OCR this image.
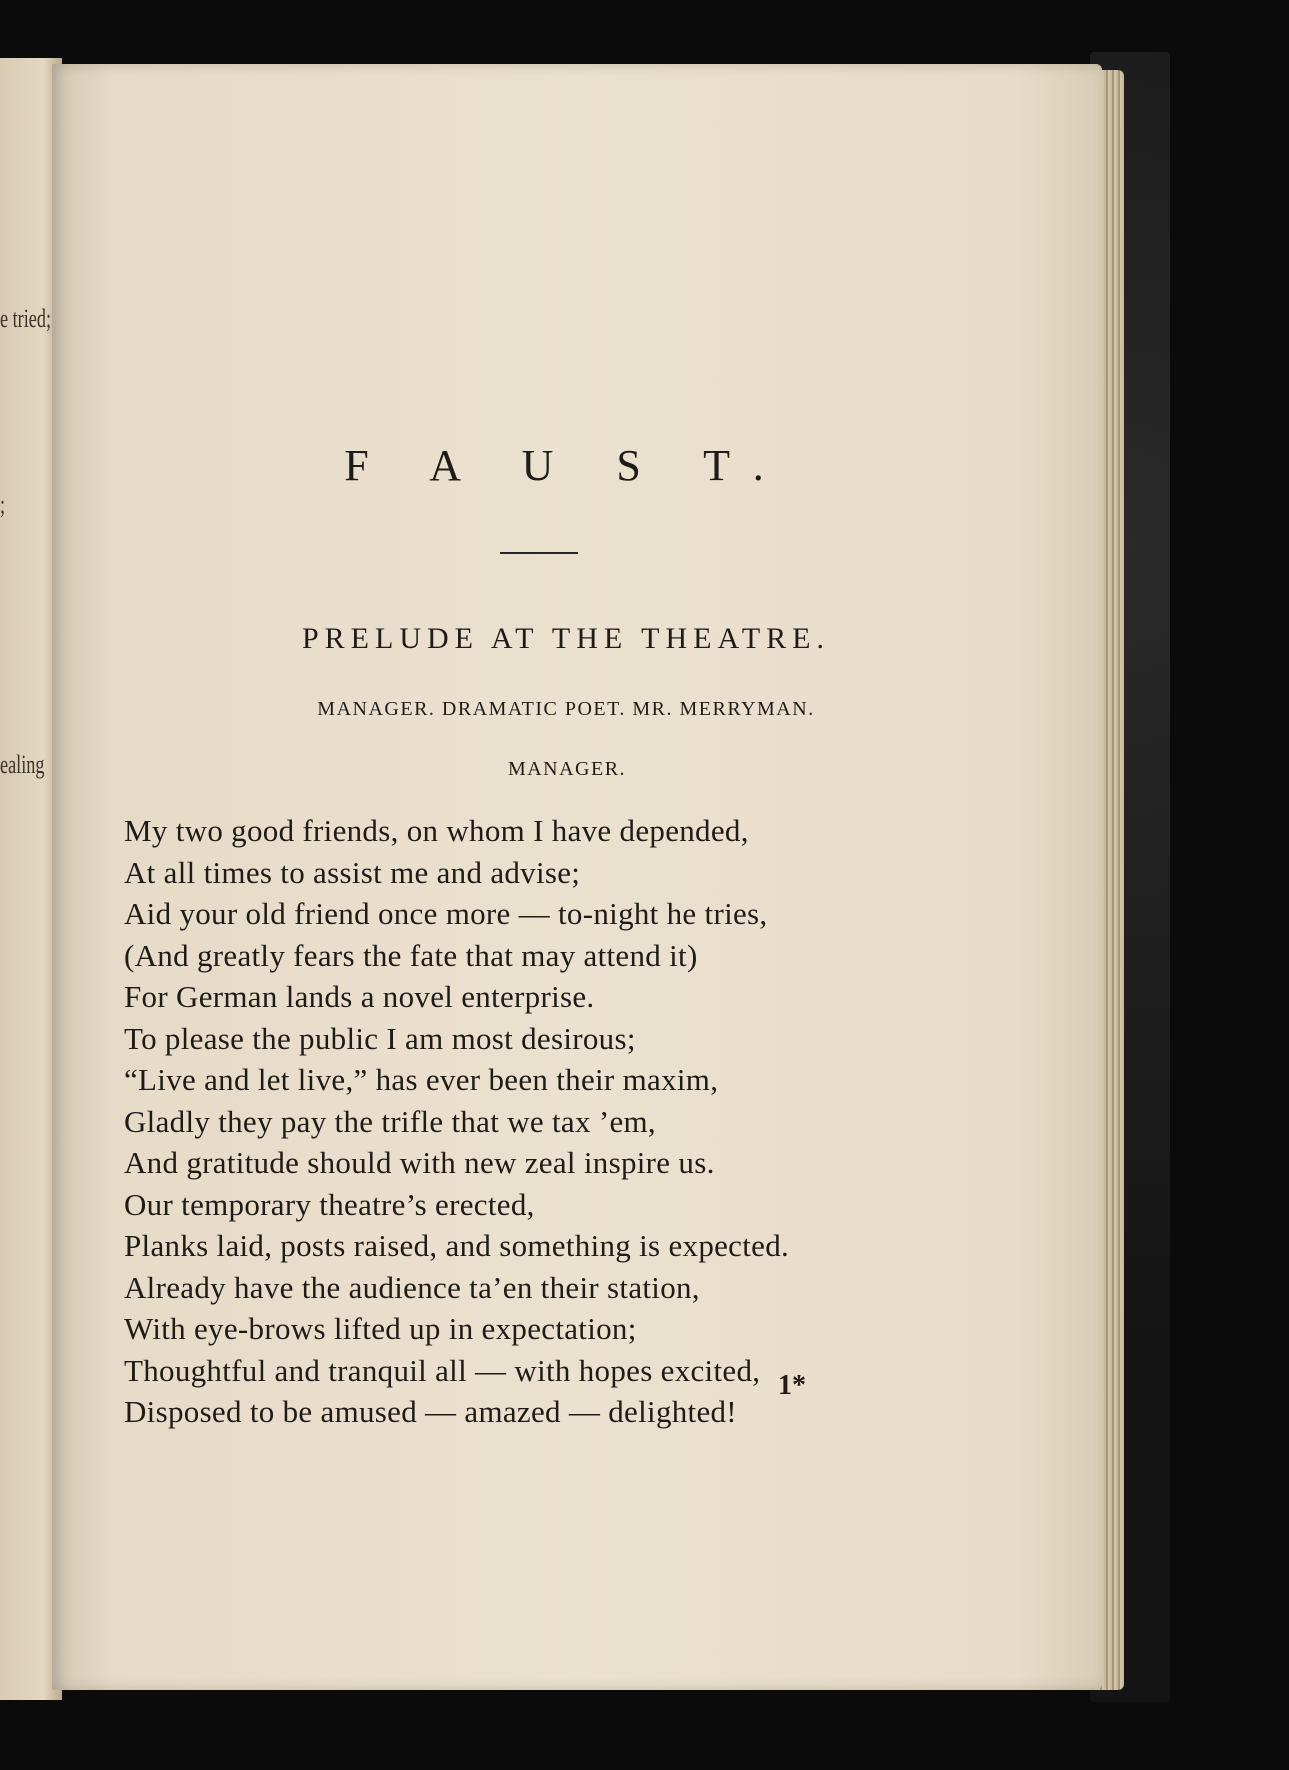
e tried;
;
ealing
F A U S T.
PRELUDE AT THE THEATRE.
MANAGER. DRAMATIC POET. MR. MERRYMAN.
MANAGER.
My two good friends, on whom I have depended,
At all times to assist me and advise;
Aid your old friend once more — to-night he tries,
(And greatly fears the fate that may attend it)
For German lands a novel enterprise.
To please the public I am most desirous;
“Live and let live,” has ever been their maxim,
Gladly they pay the trifle that we tax ’em,
And gratitude should with new zeal inspire us.
Our temporary theatre’s erected,
Planks laid, posts raised, and something is expected.
Already have the audience ta’en their station,
With eye-brows lifted up in expectation;
Thoughtful and tranquil all — with hopes excited,
Disposed to be amused — amazed — delighted!
1*
